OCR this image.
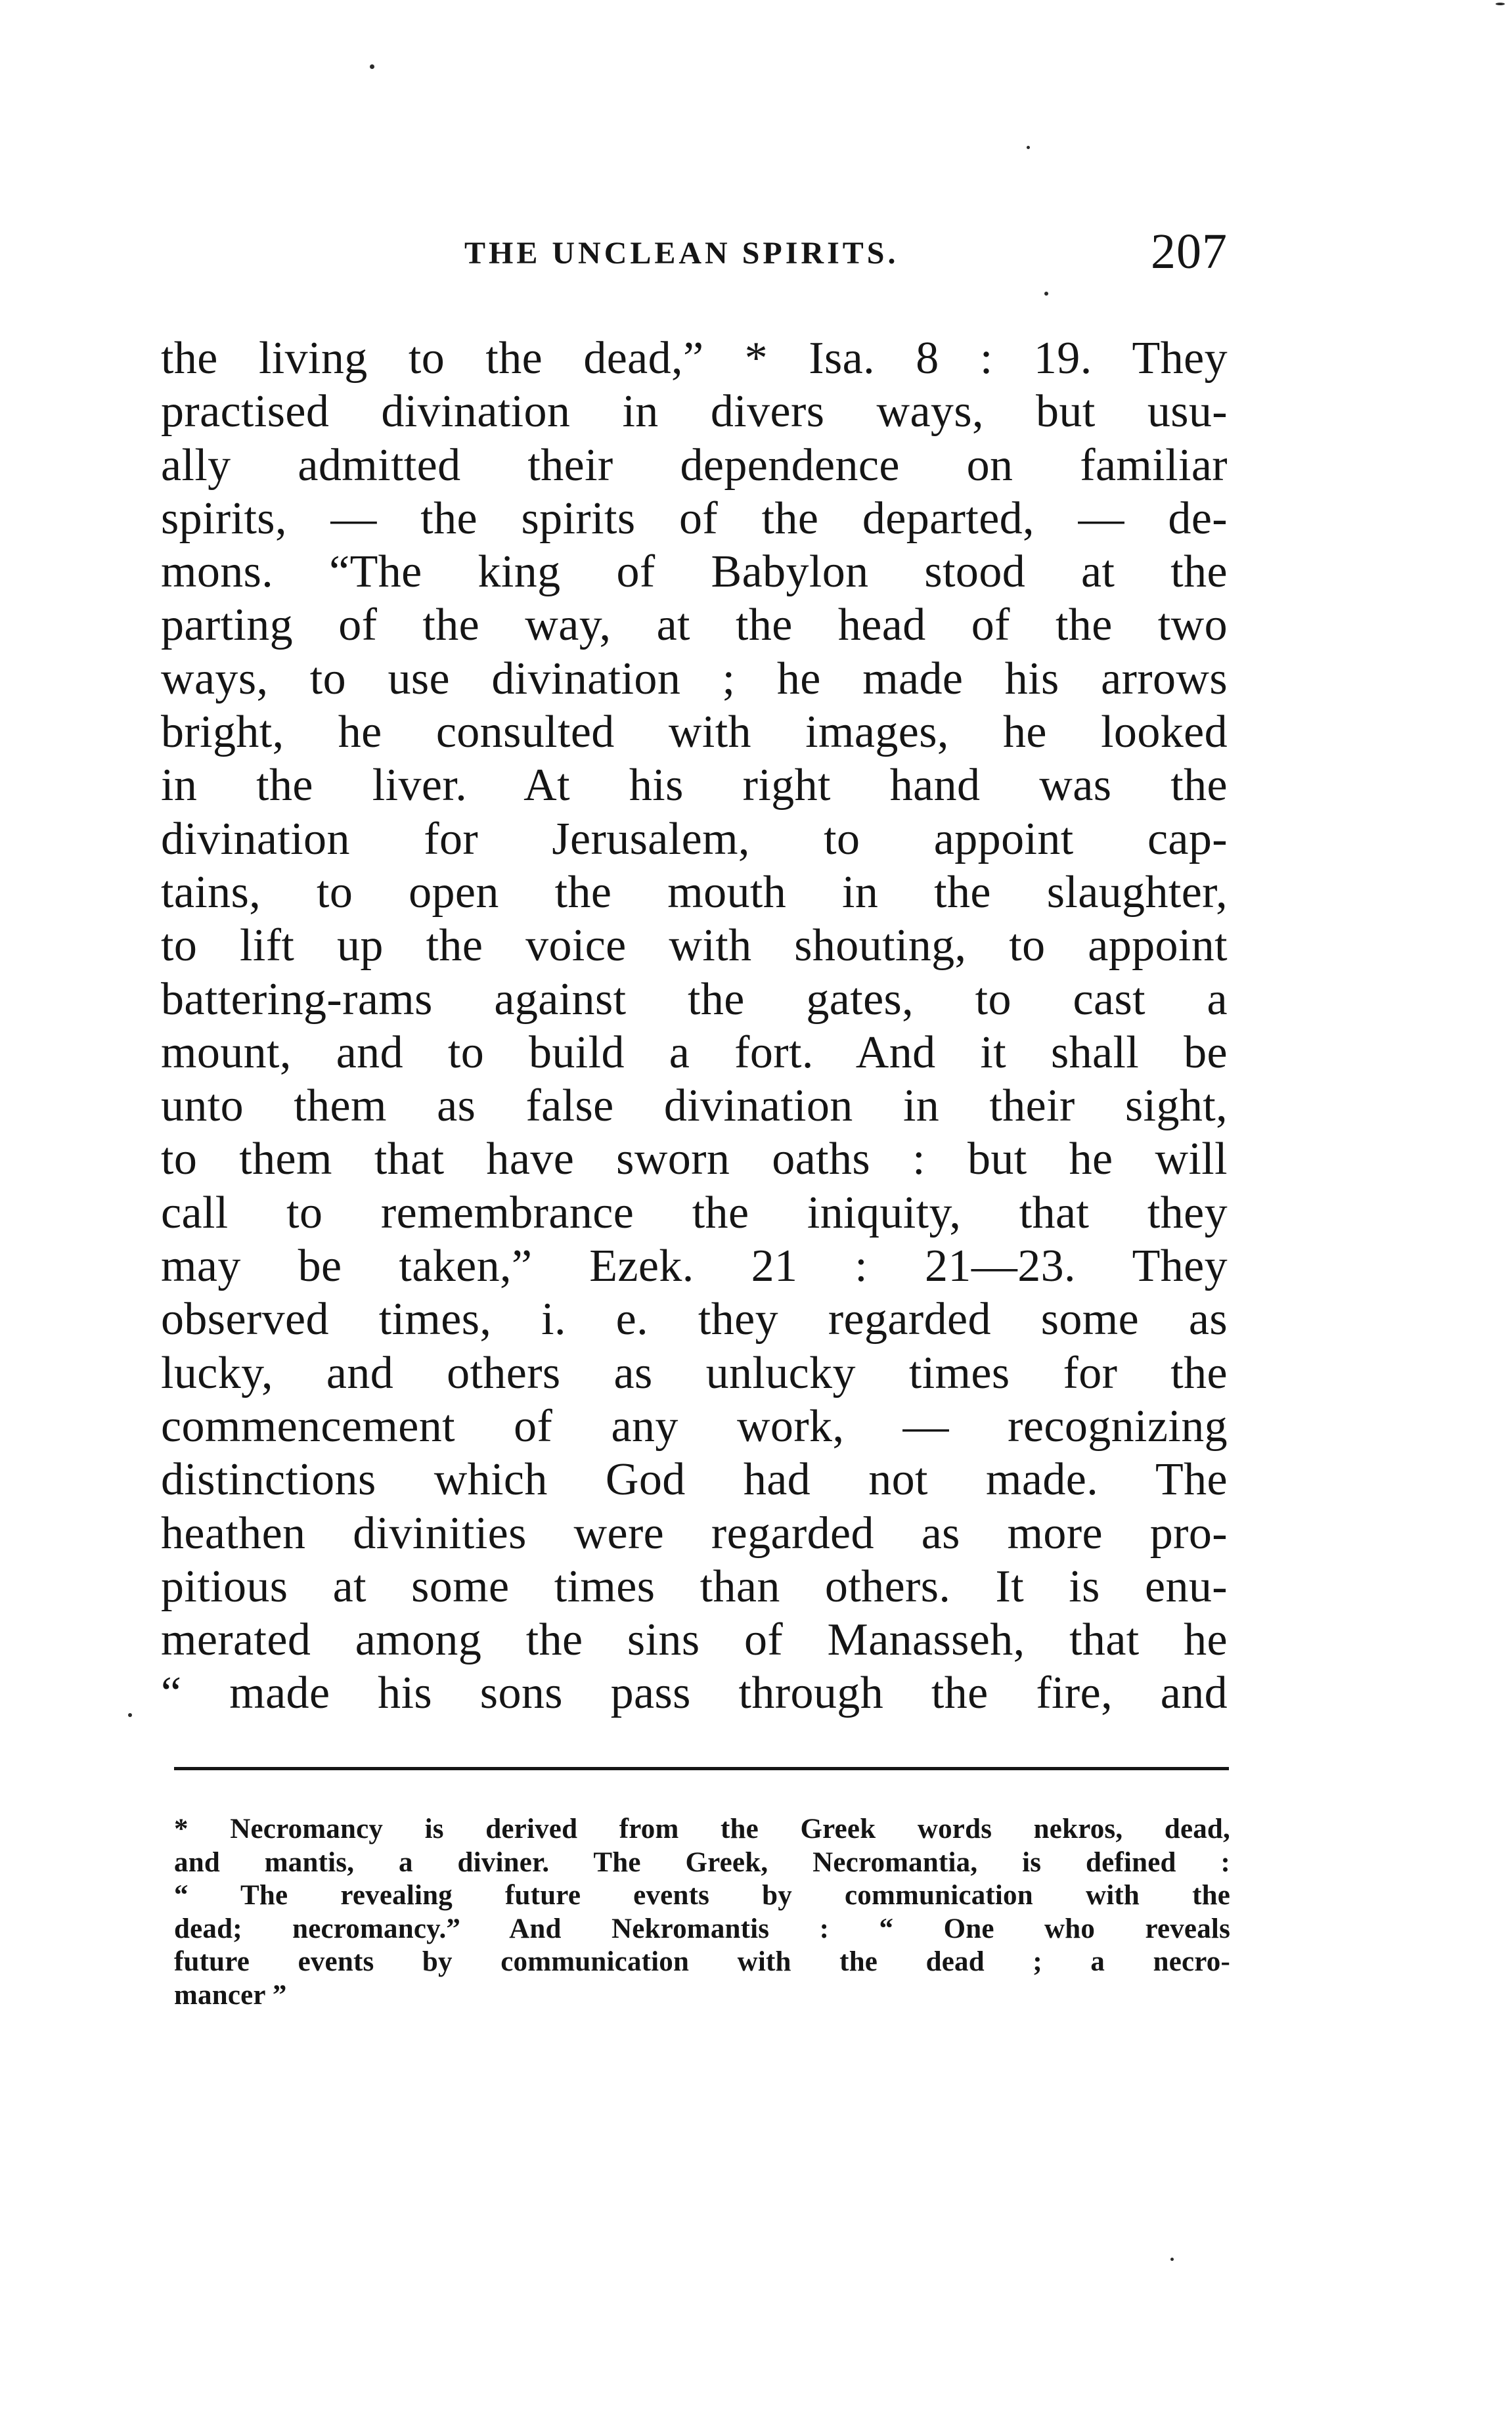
THE UNCLEAN SPIRITS.	207

the living to the dead,” * Isa. 8 : 19. They
practised divination in divers ways, but usu-
ally admitted their dependence on familiar
spirits, — the spirits of the departed, — de-
mons. “The king of Babylon stood at the
parting of the way, at the head of the two
ways, to use divination ; he made his arrows
bright, he consulted with images, he looked
in the liver. At his right hand was the
divination for Jerusalem, to appoint cap-
tains, to open the mouth in the slaughter,
to lift up the voice with shouting, to appoint
battering-rams against the gates, to cast a
mount, and to build a fort. And it shall be
unto them as false divination in their sight,
to them that have sworn oaths : but he will
call to remembrance the iniquity, that they
may be taken,” Ezek. 21 : 21—23. They
observed times, i. e. they regarded some as
lucky, and others as unlucky times for the
commencement of any work, — recognizing
distinctions which God had not made. The
heathen divinities were regarded as more pro-
pitious at some times than others. It is enu-
merated among the sins of Manasseh, that he
“ made his sons pass through the fire, and

* Necromancy is derived from the Greek words nekros, dead,
and mantis, a diviner. The Greek, Necromantia, is defined :
“ The revealing future events by communication with the
dead; necromancy.” And Nekromantis : “ One who reveals
future events by communication with the dead ; a necro-
mancer ”
